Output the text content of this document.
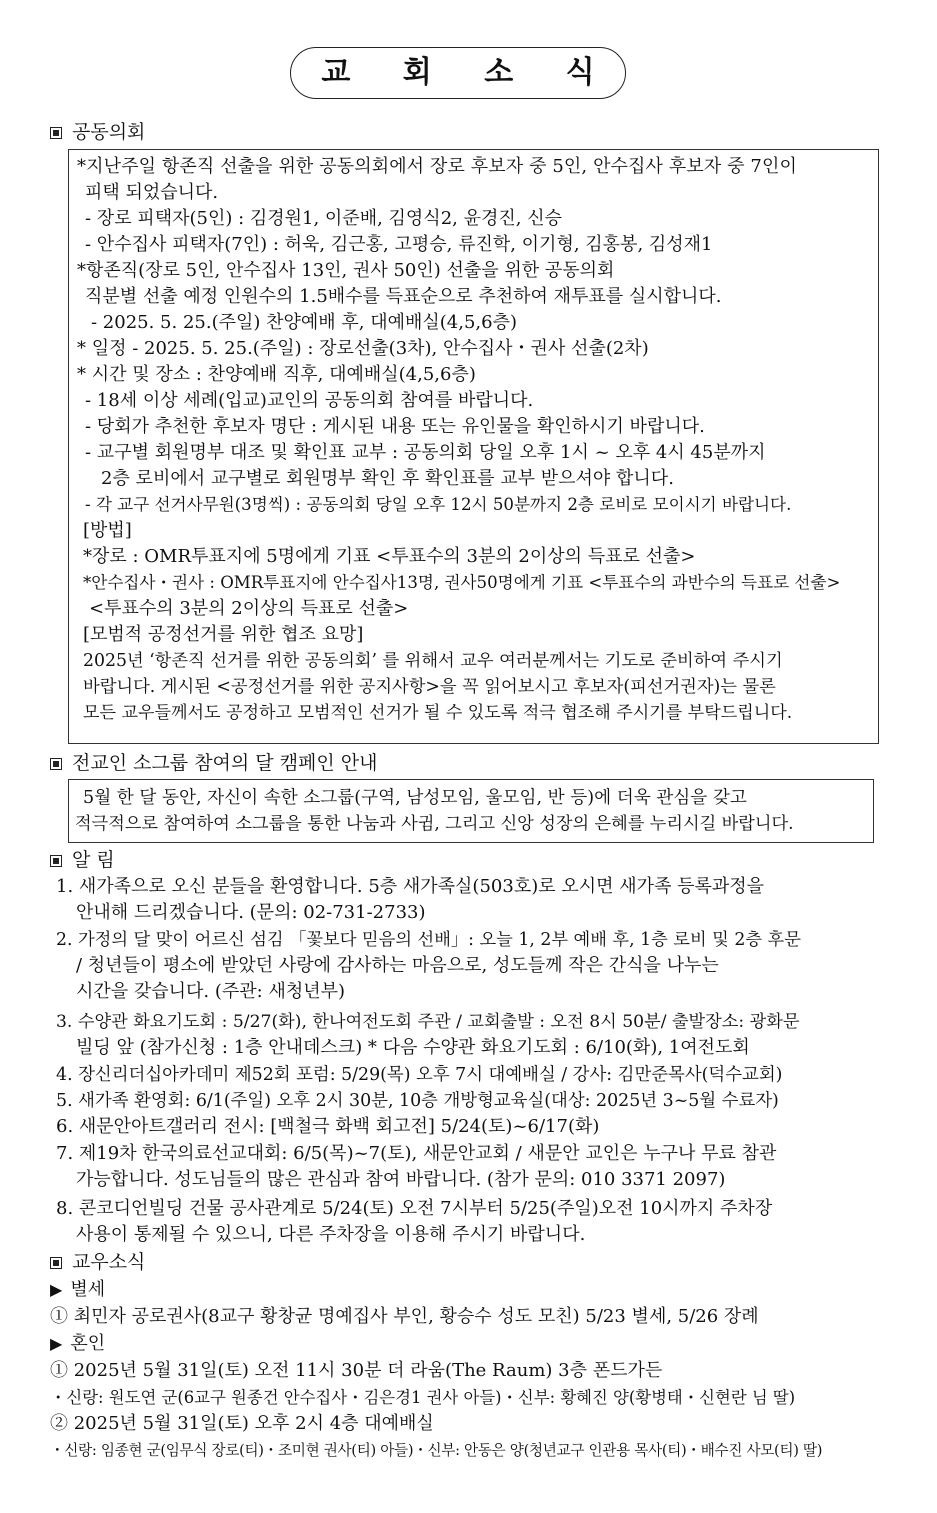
교 회 소 식
공동의회
*지난주일 항존직 선출을 위한 공동의회에서 장로 후보자 중 5인, 안수집사 후보자 중 7인이
피택 되었습니다.
- 장로 피택자(5인) : 김경원1, 이준배, 김영식2, 윤경진, 신승
- 안수집사 피택자(7인) : 허욱, 김근홍, 고평승, 류진학, 이기형, 김홍봉, 김성재1
*항존직(장로 5인, 안수집사 13인, 권사 50인) 선출을 위한 공동의회
직분별 선출 예정 인원수의 1.5배수를 득표순으로 추천하여 재투표를 실시합니다.
- 2025. 5. 25.(주일) 찬양예배 후, 대예배실(4,5,6층)
* 일정 - 2025. 5. 25.(주일) : 장로선출(3차), 안수집사・권사 선출(2차)
* 시간 및 장소 : 찬양예배 직후, 대예배실(4,5,6층)
- 18세 이상 세례(입교)교인의 공동의회 참여를 바랍니다.
- 당회가 추천한 후보자 명단 : 게시된 내용 또는 유인물을 확인하시기 바랍니다.
- 교구별 회원명부 대조 및 확인표 교부 : 공동의회 당일 오후 1시 ~ 오후 4시 45분까지
2층 로비에서 교구별로 회원명부 확인 후 확인표를 교부 받으셔야 합니다.
- 각 교구 선거사무원(3명씩) : 공동의회 당일 오후 12시 50분까지 2층 로비로 모이시기 바랍니다.
[방법]
*장로 : OMR투표지에 5명에게 기표 <투표수의 3분의 2이상의 득표로 선출>
*안수집사・권사 : OMR투표지에 안수집사13명, 권사50명에게 기표 <투표수의 과반수의 득표로 선출>
<투표수의 3분의 2이상의 득표로 선출>
[모범적 공정선거를 위한 협조 요망]
2025년 ‘항존직 선거를 위한 공동의회’ 를 위해서 교우 여러분께서는 기도로 준비하여 주시기
바랍니다. 게시된 <공정선거를 위한 공지사항>을 꼭 읽어보시고 후보자(피선거권자)는 물론
모든 교우들께서도 공정하고 모범적인 선거가 될 수 있도록 적극 협조해 주시기를 부탁드립니다.
전교인 소그룹 참여의 달 캠페인 안내
5월 한 달 동안, 자신이 속한 소그룹(구역, 남성모임, 울모임, 반 등)에 더욱 관심을 갖고
적극적으로 참여하여 소그룹을 통한 나눔과 사귐, 그리고 신앙 성장의 은혜를 누리시길 바랍니다.
알 림
1. 새가족으로 오신 분들을 환영합니다. 5층 새가족실(503호)로 오시면 새가족 등록과정을
안내해 드리겠습니다. (문의: 02-731-2733)
2. 가정의 달 맞이 어르신 섬김 「꽃보다 믿음의 선배」: 오늘 1, 2부 예배 후, 1층 로비 및 2층 후문
/ 청년들이 평소에 받았던 사랑에 감사하는 마음으로, 성도들께 작은 간식을 나누는
시간을 갖습니다. (주관: 새청년부)
3. 수양관 화요기도회 : 5/27(화), 한나여전도회 주관 / 교회출발 : 오전 8시 50분/ 출발장소: 광화문
빌딩 앞 (참가신청 : 1층 안내데스크) * 다음 수양관 화요기도회 : 6/10(화), 1여전도회
4. 장신리더십아카데미 제52회 포럼: 5/29(목) 오후 7시 대예배실 / 강사: 김만준목사(덕수교회)
5. 새가족 환영회: 6/1(주일) 오후 2시 30분, 10층 개방형교육실(대상: 2025년 3~5월 수료자)
6. 새문안아트갤러리 전시: [백철극 화백 회고전] 5/24(토)~6/17(화)
7. 제19차 한국의료선교대회: 6/5(목)~7(토), 새문안교회 / 새문안 교인은 누구나 무료 참관
가능합니다. 성도님들의 많은 관심과 참여 바랍니다. (참가 문의: 010 3371 2097)
8. 콘코디언빌딩 건물 공사관계로 5/24(토) 오전 7시부터 5/25(주일)오전 10시까지 주차장
사용이 통제될 수 있으니, 다른 주차장을 이용해 주시기 바랍니다.
교우소식
▶ 별세
① 최민자 공로권사(8교구 황창균 명예집사 부인, 황승수 성도 모친) 5/23 별세, 5/26 장례
▶ 혼인
① 2025년 5월 31일(토) 오전 11시 30분 더 라움(The Raum) 3층 폰드가든
・신랑: 원도연 군(6교구 원종건 안수집사・김은경1 권사 아들)・신부: 황혜진 양(황병태・신현란 님 딸)
② 2025년 5월 31일(토) 오후 2시 4층 대예배실
・신랑: 임종현 군(임무식 장로(티)・조미현 권사(티) 아들)・신부: 안동은 양(청년교구 인관용 목사(티)・배수진 사모(티) 딸)
